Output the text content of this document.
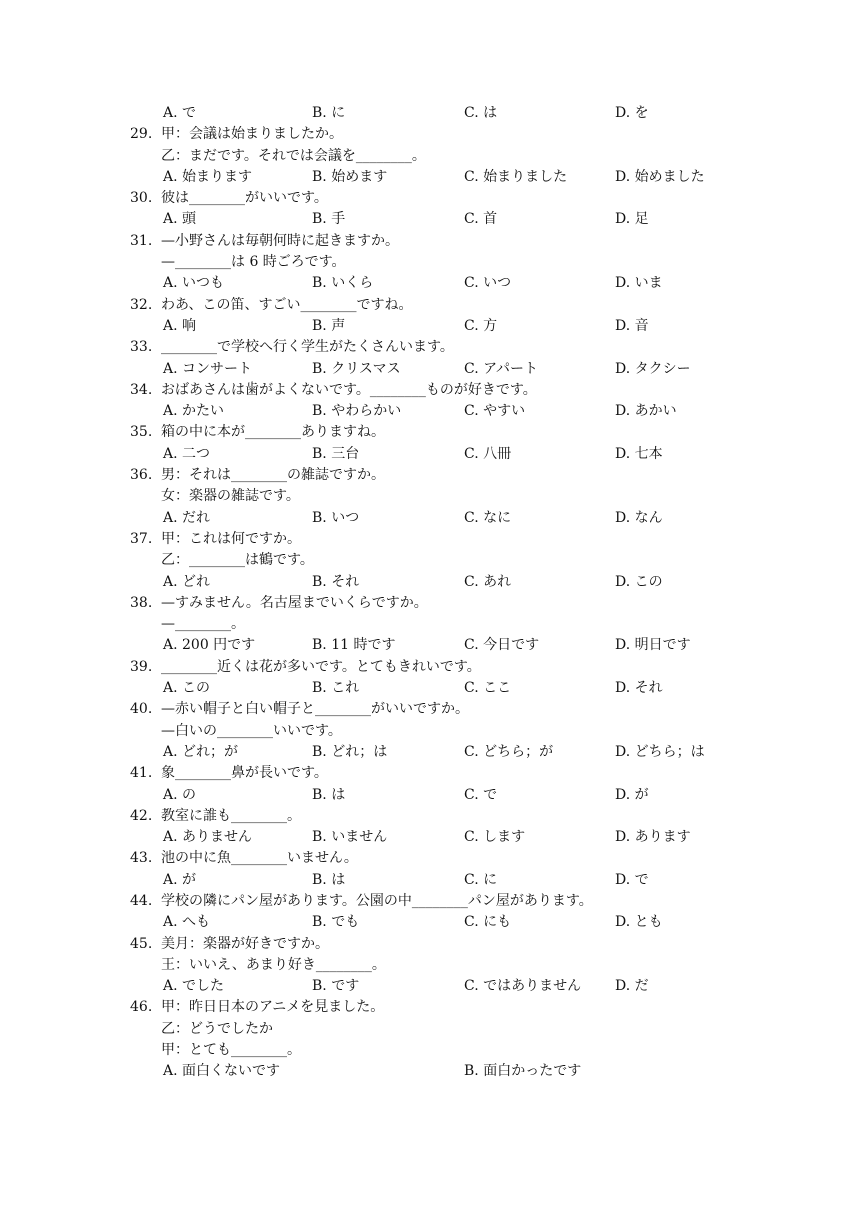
A. で	B. に	C. は	D. を
29. 甲：会議は始まりましたか。
乙：まだです。それでは会議を________。
A. 始まります	B. 始めます	C. 始まりました	D. 始めました
30. 彼は________がいいです。
A. 頭	B. 手	C. 首	D. 足
31. —小野さんは毎朝何時に起きますか。
—________は 6 時ごろです。
A. いつも	B. いくら	C. いつ	D. いま
32. わあ、この笛、すごい________ですね。
A. 响	B. 声	C. 方	D. 音
33. ________で学校へ行く学生がたくさんいます。
A. コンサート	B. クリスマス	C. アパート	D. タクシー
34. おばあさんは歯がよくないです。________ものが好きです。
A. かたい	B. やわらかい	C. やすい	D. あかい
35. 箱の中に本が________ありますね。
A. 二つ	B. 三台	C. 八冊	D. 七本
36. 男：それは________の雑誌ですか。
女：楽器の雑誌です。
A. だれ	B. いつ	C. なに	D. なん
37. 甲：これは何ですか。
乙：________は鶴です。
A. どれ	B. それ	C. あれ	D. この
38. —すみません。名古屋までいくらですか。
—________。
A. 200 円です	B. 11 時です	C. 今日です	D. 明日です
39. ________近くは花が多いです。とてもきれいです。
A. この	B. これ	C. ここ	D. それ
40. —赤い帽子と白い帽子と________がいいですか。
—白いの________いいです。
A. どれ；が	B. どれ；は	C. どちら；が	D. どちら；は
41. 象________鼻が長いです。
A. の	B. は	C. で	D. が
42. 教室に誰も________。
A. ありません	B. いません	C. します	D. あります
43. 池の中に魚________いません。
A. が	B. は	C. に	D. で
44. 学校の隣にパン屋があります。公園の中________パン屋があります。
A. へも	B. でも	C. にも	D. とも
45. 美月：楽器が好きですか。
王：いいえ、あまり好き________。
A. でした	B. です	C. ではありません D. だ
46. 甲：昨日日本のアニメを見ました。
乙：どうでしたか
甲：とても________。
A. 面白くないです	B. 面白かったです
